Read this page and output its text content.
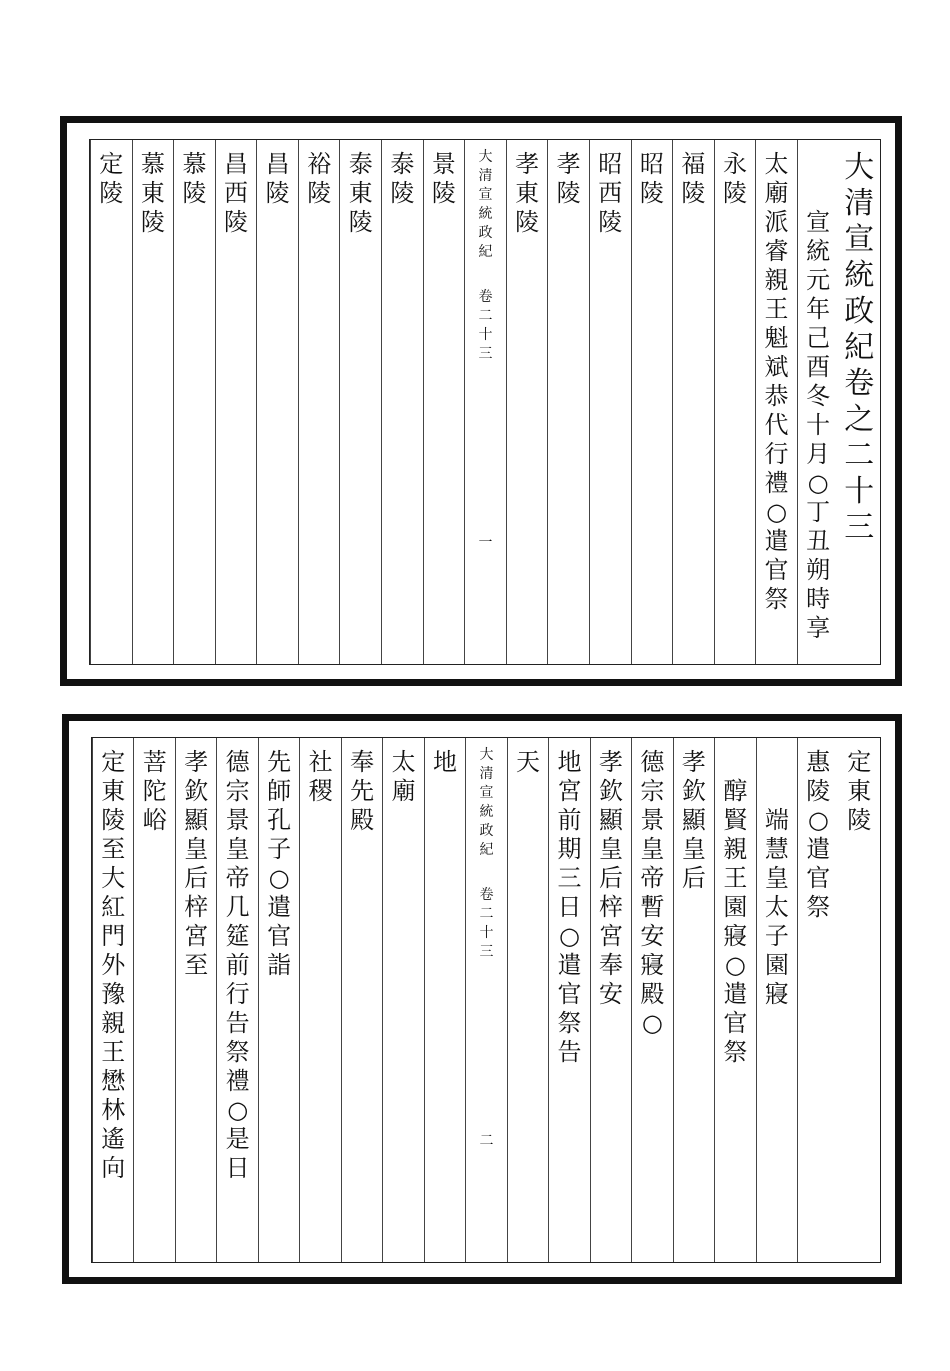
大
清
宣
統
政
紀
卷
之
二
十
三
宣
統
元
年
己
酉
冬
十
月
○
丁
丑
朔
時
享
太
廟
派
睿
親
王
魁
斌
恭
代
行
禮
○
遣
官
祭
永
陵
福
陵
昭
陵
昭
西
陵
孝
陵
孝
東
陵
大
清
宣
統
政
紀
卷
二
十
三
一
景
陵
泰
陵
泰
東
陵
裕
陵
昌
陵
昌
西
陵
慕
陵
慕
東
陵
定
陵
定
東
陵
惠
陵
○
遣
官
祭
端
慧
皇
太
子
園
寢
醇
賢
親
王
園
寢
○
遣
官
祭
孝
欽
顯
皇
后
德
宗
景
皇
帝
暫
安
寢
殿
○
孝
欽
顯
皇
后
梓
宮
奉
安
地
宮
前
期
三
日
○
遣
官
祭
告
天
大
清
宣
統
政
紀
卷
二
十
三
二
地
太
廟
奉
先
殿
社
稷
先
師
孔
子
○
遣
官
詣
德
宗
景
皇
帝
几
筵
前
行
告
祭
禮
○
是
日
孝
欽
顯
皇
后
梓
宮
至
菩
陀
峪
定
東
陵
至
大
紅
門
外
豫
親
王
懋
林
遙
向
